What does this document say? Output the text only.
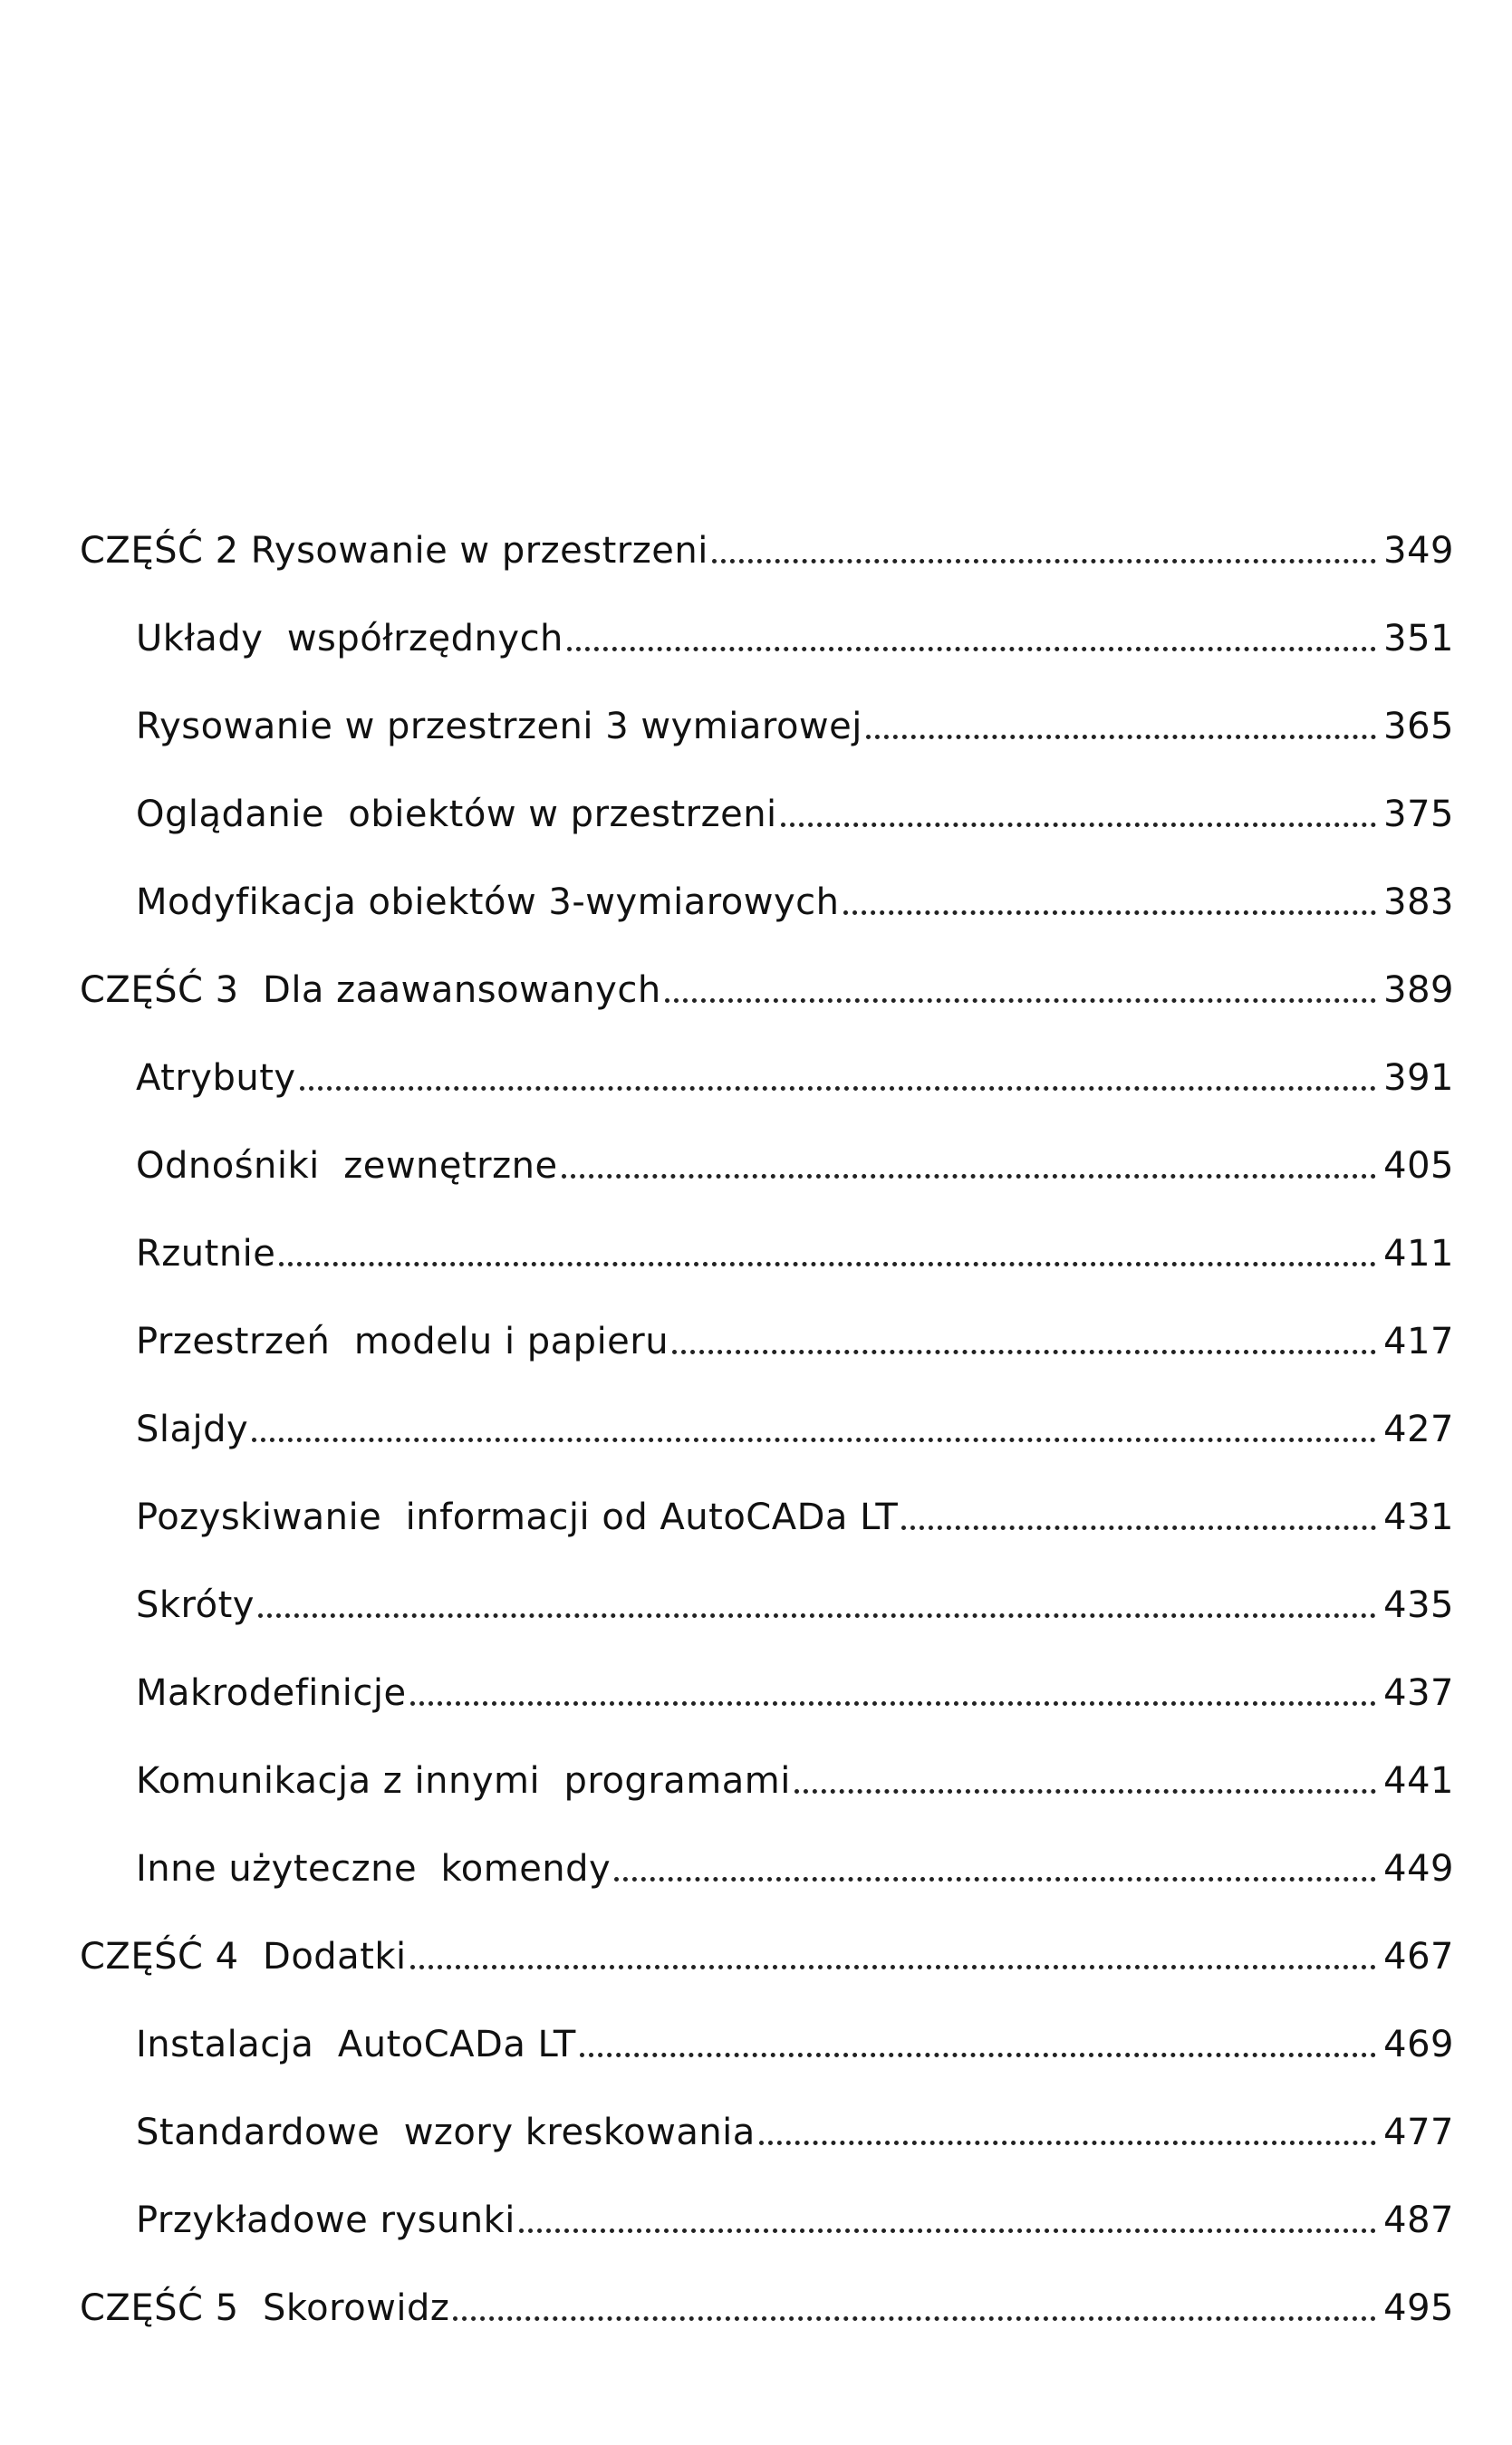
CZĘŚĆ 2 Rysowanie w przestrzeni	349
Układy  współrzędnych	351
Rysowanie w przestrzeni 3 wymiarowej	365
Oglądanie  obiektów w przestrzeni	375
Modyfikacja obiektów 3-wymiarowych	383
CZĘŚĆ 3  Dla zaawansowanych	389
Atrybuty	391
Odnośniki  zewnętrzne	405
Rzutnie	411
Przestrzeń  modelu i papieru	417
Slajdy	427
Pozyskiwanie  informacji od AutoCADa LT	431
Skróty	435
Makrodefinicje	437
Komunikacja z innymi  programami	441
Inne użyteczne  komendy	449
CZĘŚĆ 4  Dodatki	467
Instalacja  AutoCADa LT	469
Standardowe  wzory kreskowania	477
Przykładowe rysunki	487
CZĘŚĆ 5  Skorowidz	495
